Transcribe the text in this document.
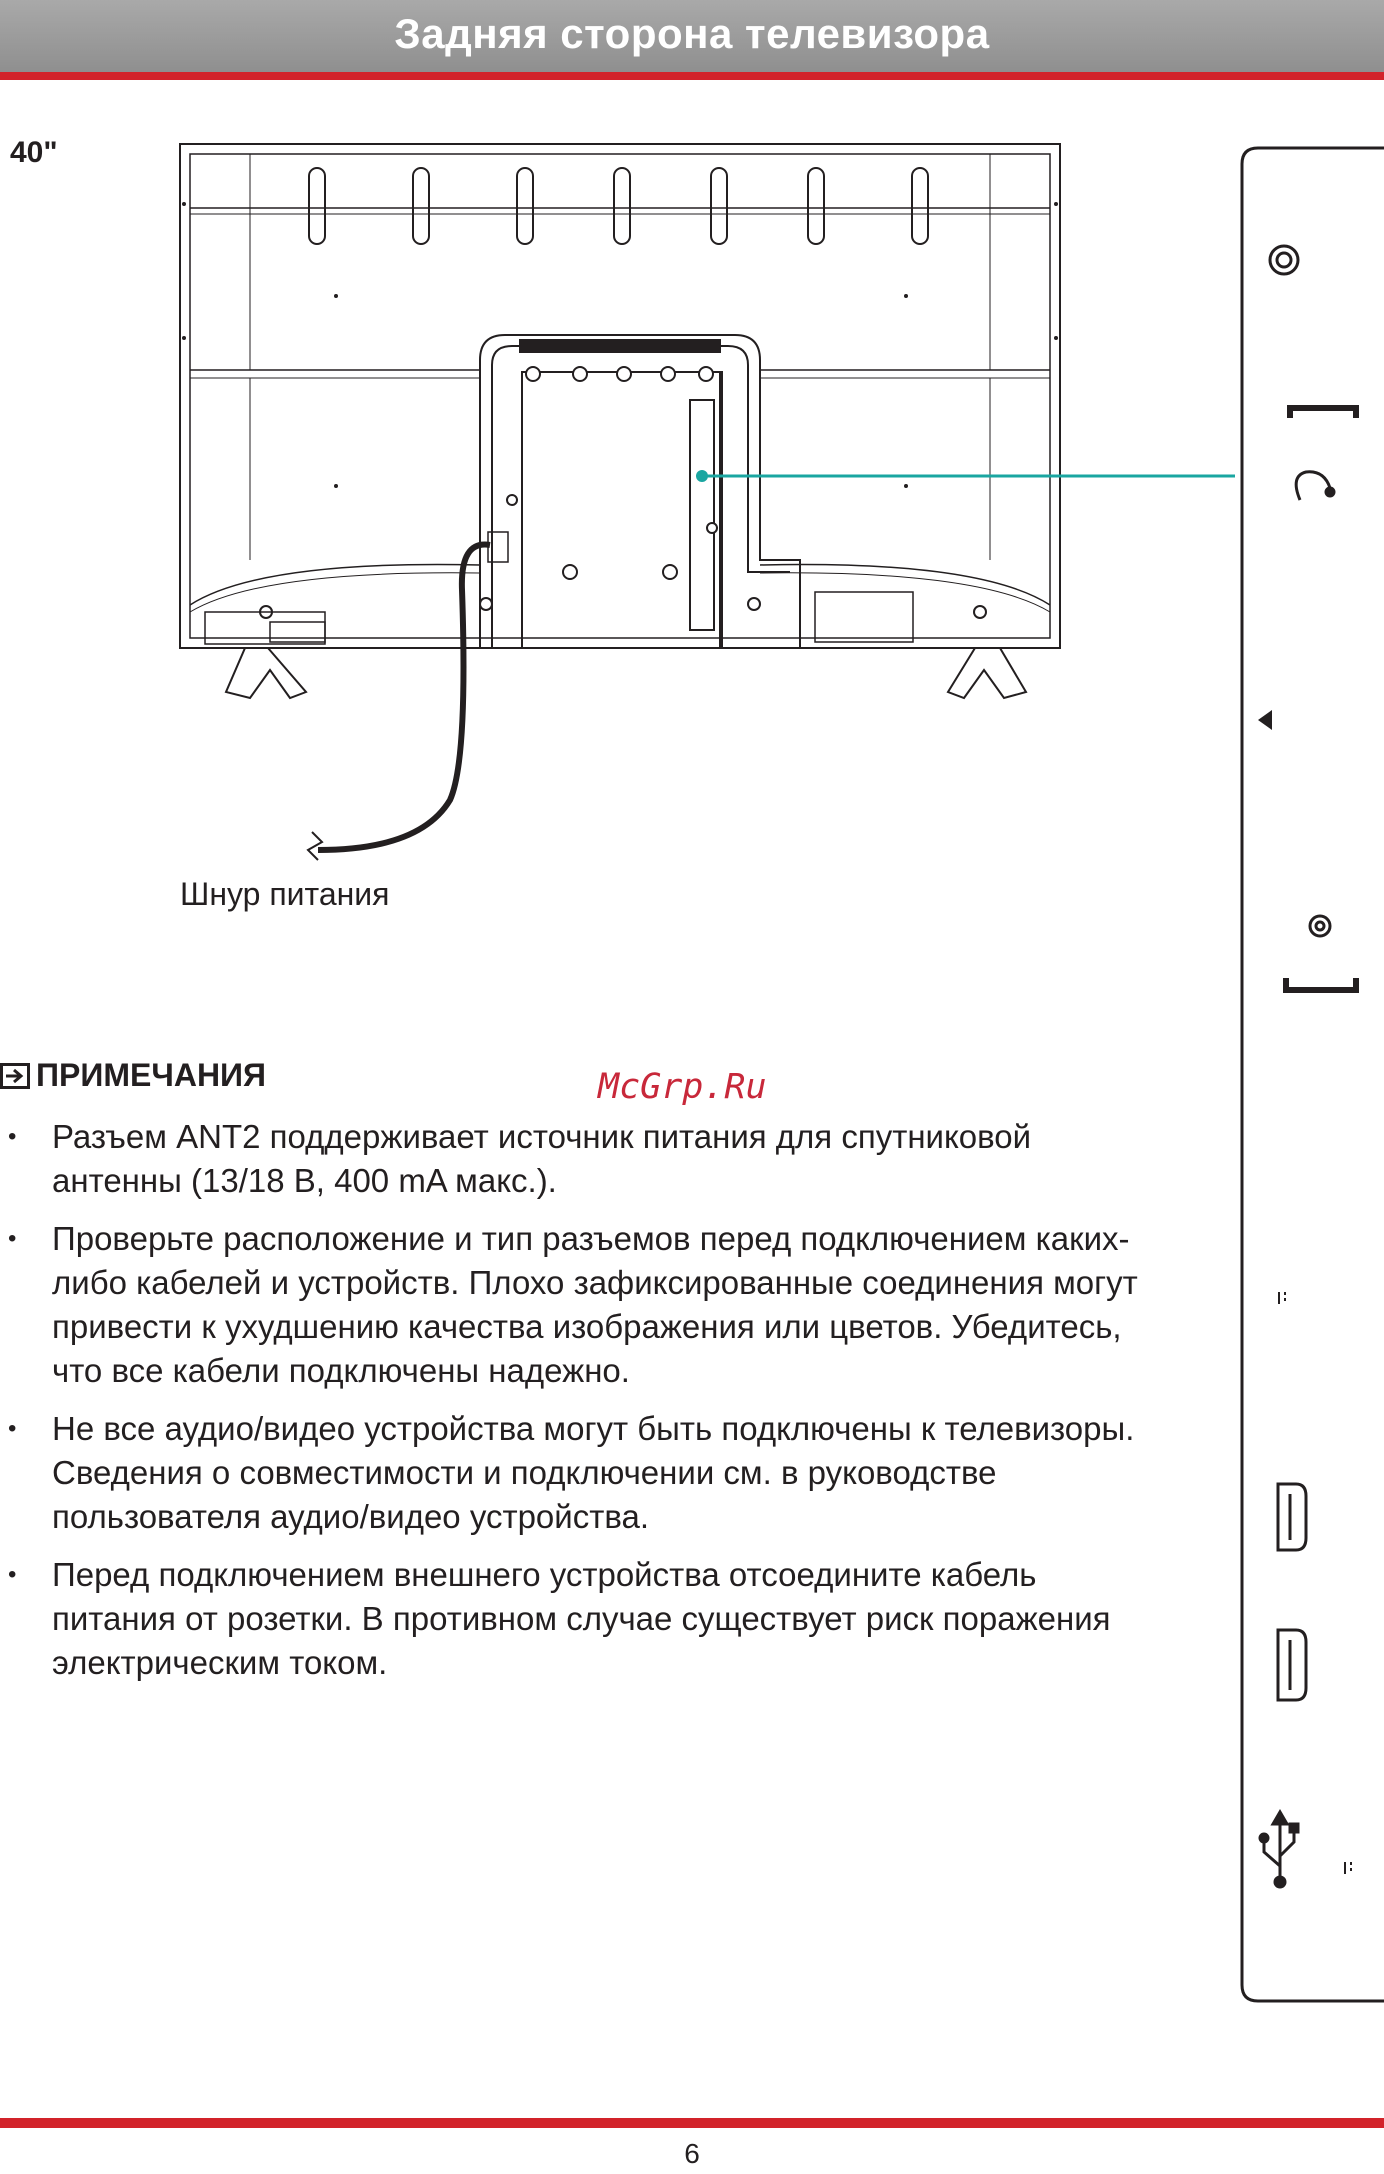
Задняя сторона телевизора
40"
Шнур питания
ПРИМЕЧАНИЯ	McGrp.Ru
• Разъем ANT2 поддерживает источник питания для спутниковой антенны (13/18 В, 400 mA макс.).
• Проверьте расположение и тип разъемов перед подключением каких-либо кабелей и устройств. Плохо зафиксированные соединения могут привести к ухудшению качества изображения или цветов. Убедитесь, что все кабели подключены надежно.
• Не все аудио/видео устройства могут быть подключены к телевизоры. Сведения о совместимости и подключении см. в руководстве пользователя аудио/видео устройства.
• Перед подключением внешнего устройства отсоедините кабель питания от розетки. В противном случае существует риск поражения электрическим током.
6
